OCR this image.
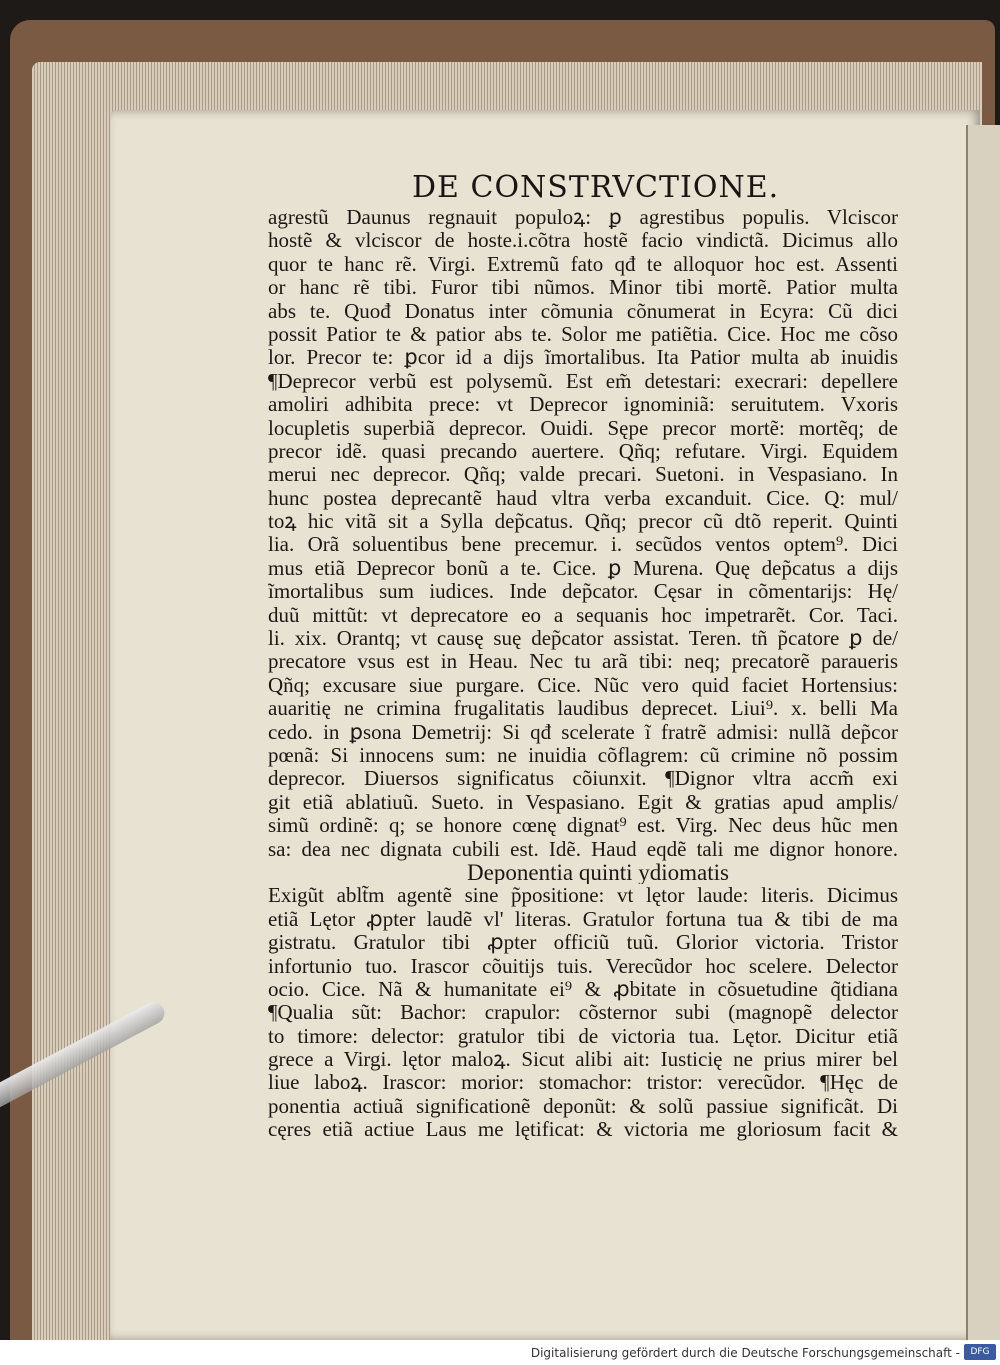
DE CONSTRVCTIONE.
agrestũ Daunus regnauit populoꝝ: ꝑ agrestibus populis. Vlciscor
hostẽ & vlciscor de hoste.i.cõtra hostẽ facio vindictã. Dicimus allo
quor te hanc rẽ. Virgi. Extremũ fato qđ te alloquor hoc est. Assenti
or hanc rẽ tibi. Furor tibi nũmos. Minor tibi mortẽ. Patior multa
abs te. Quođ Donatus inter cõmunia cõnumerat in Ecyra: Cũ dici
possit Patior te & patior abs te. Solor me patiẽtia. Cice. Hoc me cõso
lor. Precor te: ꝑcor id a dijs ĩmortalibus. Ita Patior multa ab inuidis
¶Deprecor verbũ est polysemũ. Est em̃ detestari: execrari: depellere
amoliri adhibita prece: vt Deprecor ignominiã: seruitutem. Vxoris
locupletis superbiã deprecor. Ouidi. Sępe precor mortẽ: mortẽq; de
precor idẽ. quasi precando auertere. Qñq; refutare. Virgi. Equidem
merui nec deprecor. Qñq; valde precari. Suetoni. in Vespasiano. In
hunc postea deprecantẽ haud vltra verba excanduit. Cice. Q: mul/
toꝝ hic vitã sit a Sylla dep̃catus. Qñq; precor cũ dtõ reperit. Quinti
lia. Orã soluentibus bene precemur. i. secũdos ventos optem⁹. Dici
mus etiã Deprecor bonũ a te. Cice. ꝑ Murena. Quę dep̃catus a dijs
ĩmortalibus sum iudices. Inde dep̃cator. Cęsar in cõmentarijs: Hę/
duũ mittũt: vt deprecatore eo a sequanis hoc impetrarẽt. Cor. Taci.
li. xix. Orantq; vt causę suę dep̃cator assistat. Teren. tñ p̃catore ꝑ de/
precatore vsus est in Heau. Nec tu arã tibi: neq; precatorẽ paraueris
Qñq; excusare siue purgare. Cice. Nũc vero quid faciet Hortensius:
auaritię ne crimina frugalitatis laudibus deprecet. Liui⁹. x. belli Ma
cedo. in ꝑsona Demetrij: Si qđ scelerate ĩ fratrẽ admisi: nullã dep̃cor
pœnã: Si innocens sum: ne inuidia cõflagrem: cũ crimine nõ possim
deprecor. Diuersos significatus cõiunxit. ¶Dignor vltra accm̃ exi
git etiã ablatiuũ. Sueto. in Vespasiano. Egit & gratias apud amplis/
simũ ordinẽ: q; se honore cœnę dignat⁹ est. Virg. Nec deus hũc men
sa: dea nec dignata cubili est. Idẽ. Haud eqdẽ tali me dignor honore.
Deponentia quinti ydiomatis
Exigũt ablt̃m agentẽ sine p̃positione: vt lętor laude: literis. Dicimus
etiã Lętor ꝓpter laudẽ vl' literas. Gratulor fortuna tua & tibi de ma
gistratu. Gratulor tibi ꝓpter officiũ tuũ. Glorior victoria. Tristor
infortunio tuo. Irascor cõuitijs tuis. Verecũdor hoc scelere. Delector
ocio. Cice. Nã & humanitate ei⁹ & ꝓbitate in cõsuetudine q̃tidiana
¶Qualia sũt: Bachor: crapulor: cõsternor subi (magnopẽ delector
to timore: delector: gratulor tibi de victoria tua. Lętor. Dicitur etiã
grece a Virgi. lętor maloꝝ. Sicut alibi ait: Iusticię ne prius mirer bel
liue laboꝝ. Irascor: morior: stomachor: tristor: verecũdor. ¶Hęc de
ponentia actiuã significationẽ deponũt: & solũ passiue significãt. Di
cęres etiã actiue Laus me lętificat: & victoria me gloriosum facit &
Digitalisierung gefördert durch die Deutsche Forschungsgemeinschaft -	DFG
